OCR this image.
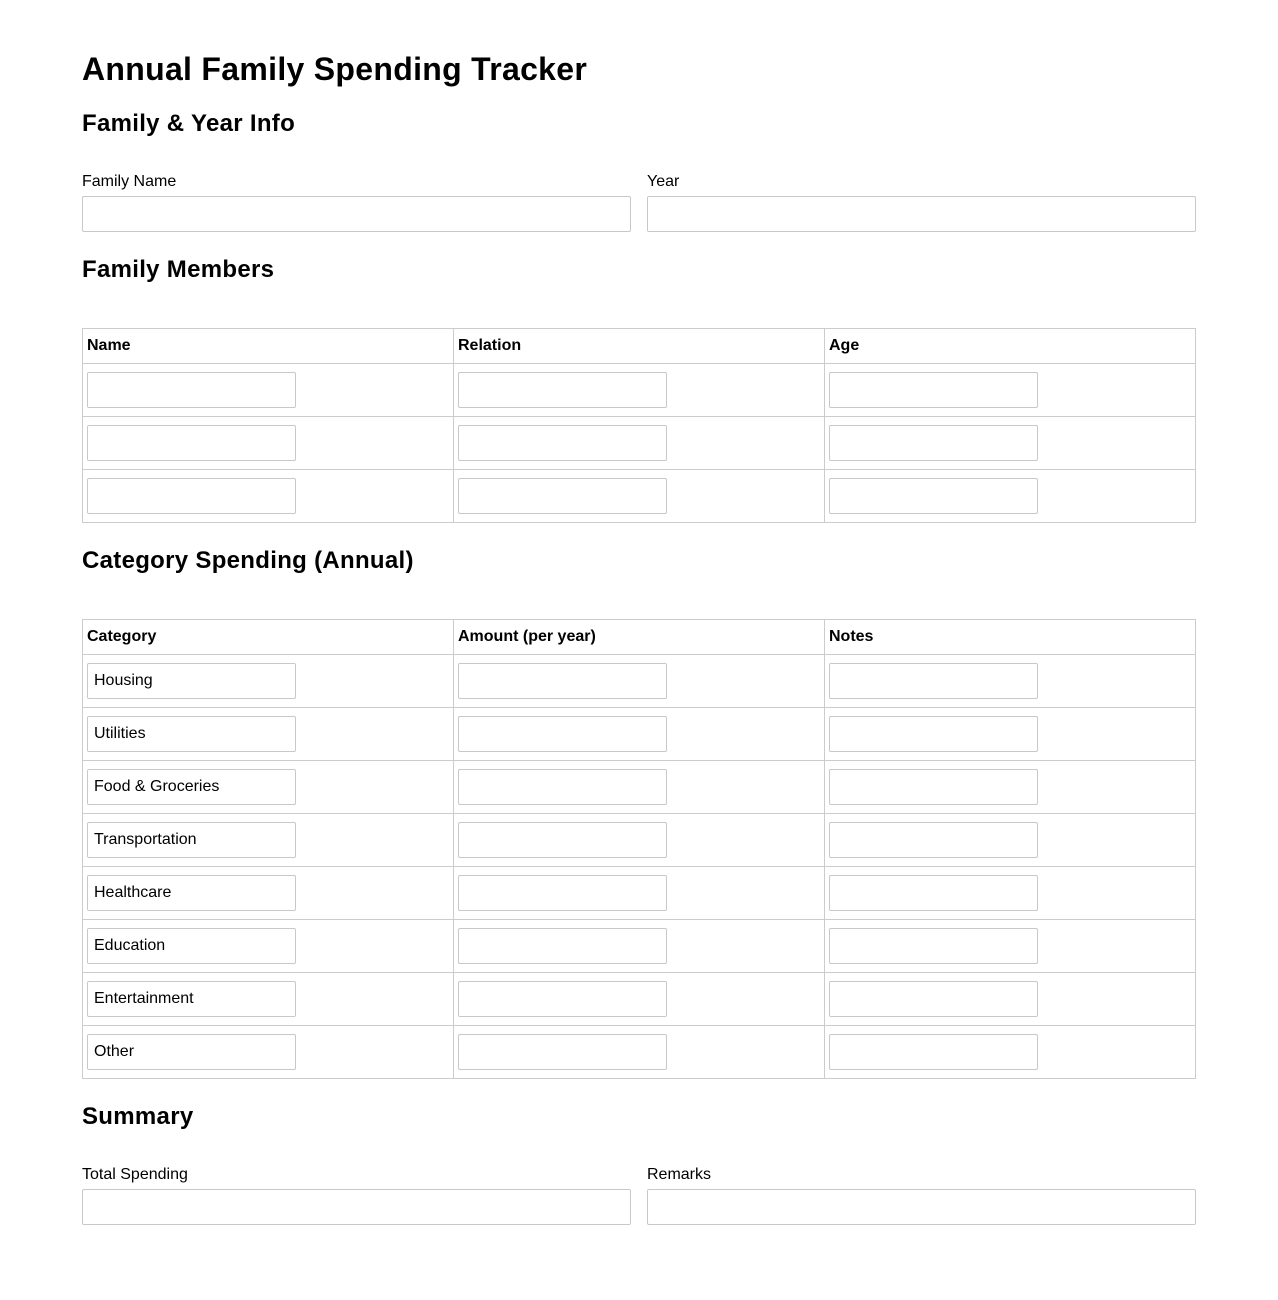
Annual Family Spending Tracker
Family & Year Info
Family Name	Year
Family Members
Name	Relation	Age

Category Spending (Annual)
Category	Amount (per year)	Notes

Housing	

Utilities	

Food & Groceries	

Transportation	

Healthcare	

Education	

Entertainment	

Other	

Summary
Total Spending	Remarks
